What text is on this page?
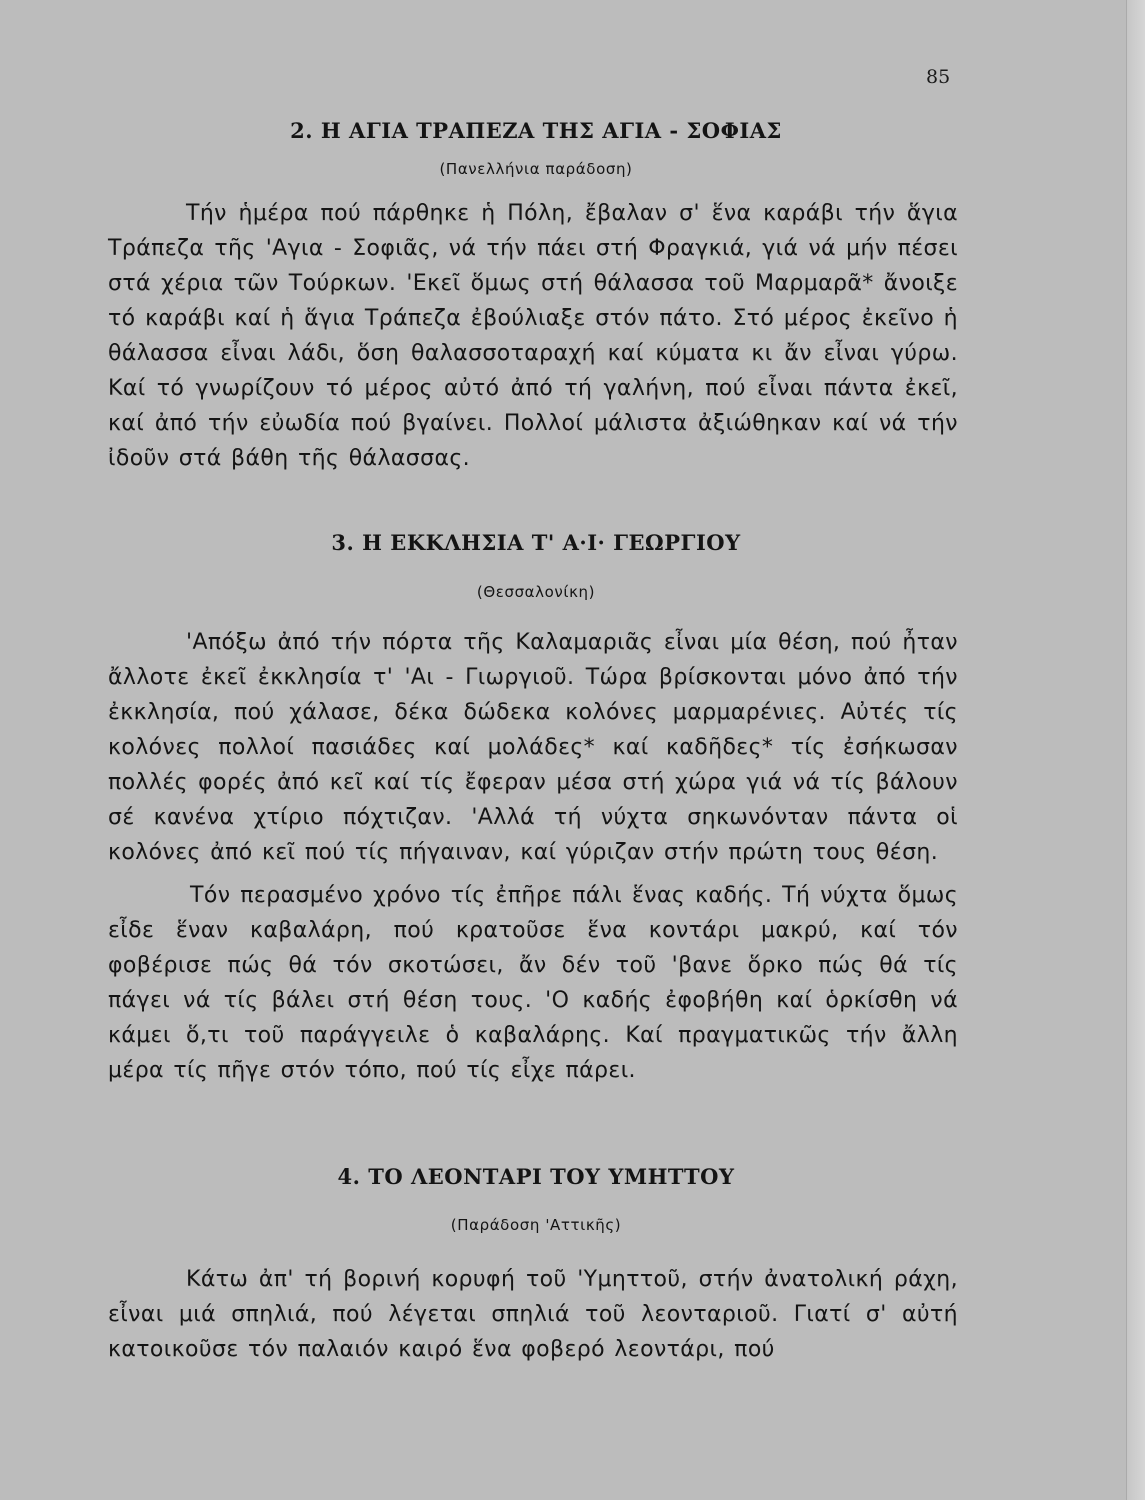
85
2. Η ΑΓΙΑ ΤΡΑΠΕΖΑ ΤΗΣ ΑΓΙΑ - ΣΟΦΙΑΣ

(Πανελλήνια παράδοση)

Τήν ἡμέρα πού πάρθηκε ἡ Πόλη, ἔβαλαν σ' ἕνα καράβι τήν ἅγια Τράπεζα τῆς 'Αγια - Σοφιᾶς, νά τήν πάει στή Φραγκιά, γιά νά μήν πέσει στά χέρια τῶν Τούρκων. 'Εκεῖ ὅμως στή θάλασσα τοῦ Μαρμαρᾶ* ἄνοιξε τό καράβι καί ἡ ἅγια Τράπεζα ἐβούλιαξε στόν πάτο. Στό μέρος ἐκεῖνο ἡ θάλασσα εἶναι λάδι, ὅση θαλασσοταραχή καί κύματα κι ἄν εἶναι γύρω. Καί τό γνωρίζουν τό μέρος αὐτό ἀπό τή γαλήνη, πού εἶναι πάντα ἐκεῖ, καί ἀπό τήν εὐωδία πού βγαίνει. Πολλοί μάλιστα ἀξιώθηκαν καί νά τήν ἰδοῦν στά βάθη τῆς θάλασσας.

3. Η ΕΚΚΛΗΣΙΑ Τ' Α·Ι· ΓΕΩΡΓΙΟΥ

(Θεσσαλονίκη)

'Απόξω ἀπό τήν πόρτα τῆς Καλαμαριᾶς εἶναι μία θέση, πού ἦταν ἄλλοτε ἐκεῖ ἐκκλησία τ' 'Αι - Γιωργιοῦ. Τώρα βρίσκονται μόνο ἀπό τήν ἐκκλησία, πού χάλασε, δέκα δώδεκα κολόνες μαρμαρένιες. Αὐτές τίς κολόνες πολλοί πασιάδες καί μολάδες* καί καδῆδες* τίς ἐσήκωσαν πολλές φορές ἀπό κεῖ καί τίς ἔφεραν μέσα στή χώρα γιά νά τίς βάλουν σέ κανένα χτίριο πόχτιζαν. 'Αλλά τή νύχτα σηκωνόνταν πάντα οἱ κολόνες ἀπό κεῖ πού τίς πήγαιναν, καί γύριζαν στήν πρώτη τους θέση.

Τόν περασμένο χρόνο τίς ἐπῆρε πάλι ἕνας καδής. Τή νύχτα ὅμως εἶδε ἕναν καβαλάρη, πού κρατοῦσε ἕνα κοντάρι μακρύ, καί τόν φοβέρισε πώς θά τόν σκοτώσει, ἄν δέν τοῦ 'βανε ὅρκο πώς θά τίς πάγει νά τίς βάλει στή θέση τους. 'Ο καδής ἐφοβήθη καί ὁρκίσθη νά κάμει ὅ,τι τοῦ παράγγειλε ὁ καβαλάρης. Καί πραγματικῶς τήν ἄλλη μέρα τίς πῆγε στόν τόπο, πού τίς εἶχε πάρει.

4. ΤΟ ΛΕΟΝΤΑΡΙ ΤΟΥ ΥΜΗΤΤΟΥ

(Παράδοση 'Αττικῆς)

Κάτω ἀπ' τή βορινή κορυφή τοῦ 'Υμηττοῦ, στήν ἀνατολική ράχη, εἶναι μιά σπηλιά, πού λέγεται σπηλιά τοῦ λεονταριοῦ. Γιατί σ' αὐτή κατοικοῦσε τόν παλαιόν καιρό ἕνα φοβερό λεοντάρι, πού
